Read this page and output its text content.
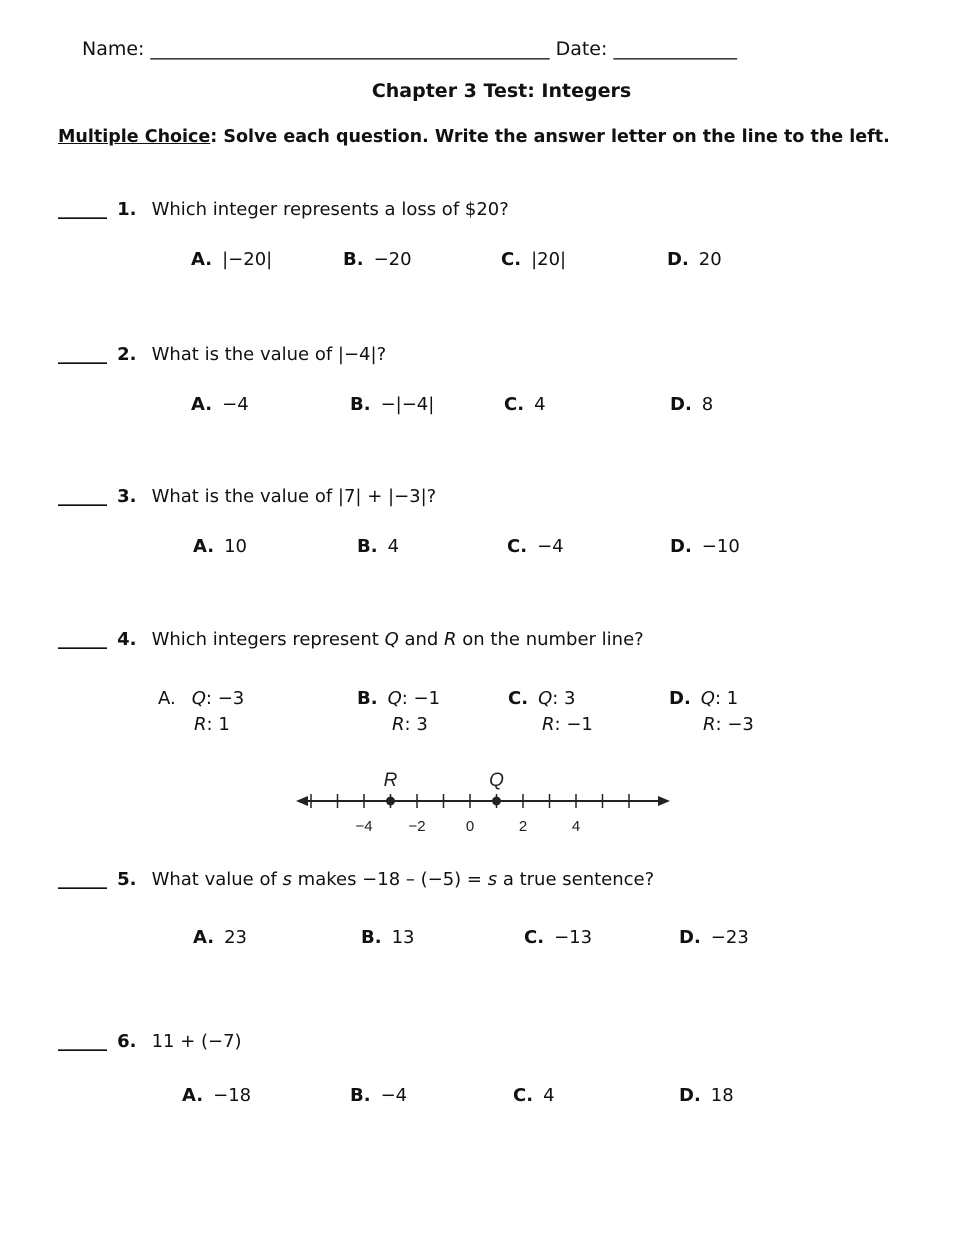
Name: __________________________________________ Date: _____________
Chapter 3 Test: Integers
Multiple Choice: Solve each question. Write the answer letter on the line to the left.
______ 1. Which integer represents a loss of $20?
A. |−20|	B. −20	C. |20|	D. 20
______ 2. What is the value of |−4|?
A. −4	B. −|−4|	C. 4	D. 8
______ 3. What is the value of |7| + |−3|?
A. 10	B. 4	C. −4	D. −10
______ 4. Which integers represent Q and R on the number line?
A. Q: −3
R: 1
B. Q: −1
R: 3
C. Q: 3
R: −1
D. Q: 1
R: −3
−4 −2	0	2	4
R	Q
______ 5. What value of s makes −18 – (−5) = s a true sentence?
A. 23	B. 13	C. −13	D. −23
______ 6. 11 + (−7)
A. −18	B. −4	C. 4	D. 18
